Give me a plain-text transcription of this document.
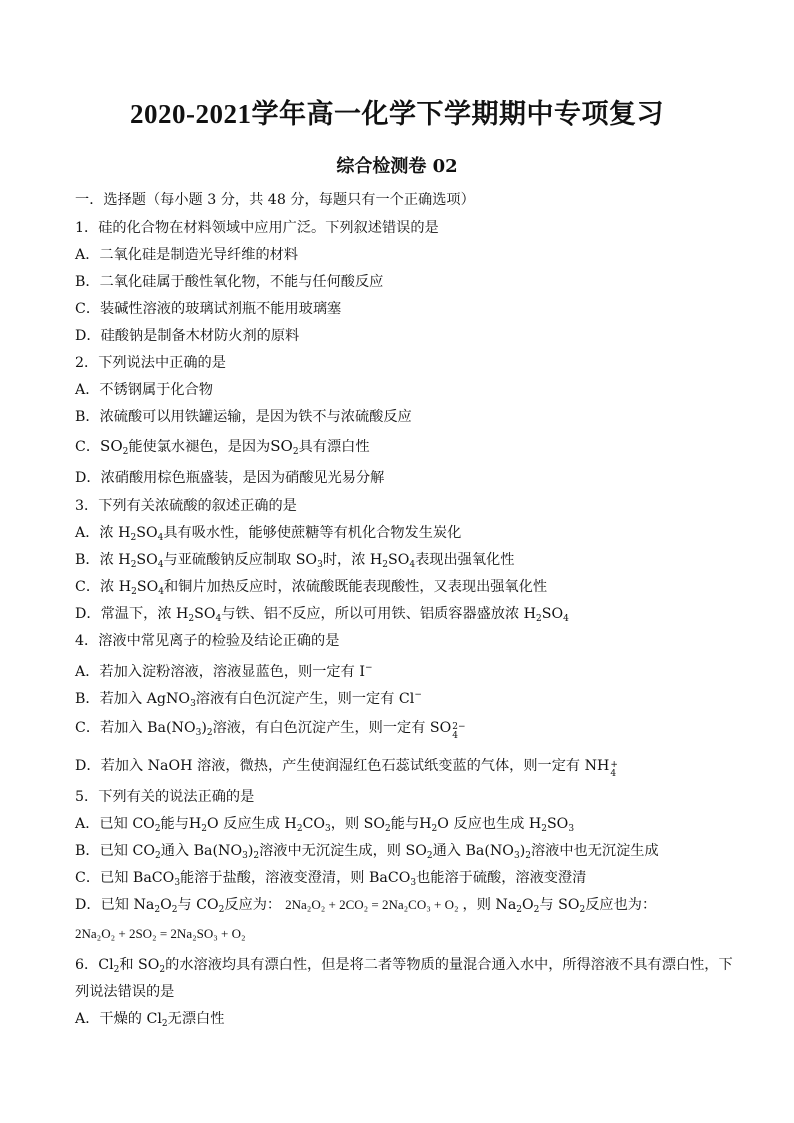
2020-2021学年高一化学下学期期中专项复习
综合检测卷 02
一．选择题（每小题 3 分，共 48 分，每题只有一个正确选项）
1．硅的化合物在材料领域中应用广泛。下列叙述错误的是
A．二氧化硅是制造光导纤维的材料
B．二氧化硅属于酸性氧化物，不能与任何酸反应
C．装碱性溶液的玻璃试剂瓶不能用玻璃塞
D．硅酸钠是制备木材防火剂的原料
2．下列说法中正确的是
A．不锈钢属于化合物
B．浓硫酸可以用铁罐运输，是因为铁不与浓硫酸反应
C．$SO_2$能使氯水褪色，是因为$SO_2$具有漂白性
D．浓硝酸用棕色瓶盛装，是因为硝酸见光易分解
3．下列有关浓硫酸的叙述正确的是
A．浓 $H_2SO_4$具有吸水性，能够使蔗糖等有机化合物发生炭化
B．浓 $H_2SO_4$与亚硫酸钠反应制取 $SO_3$时，浓 $H_2SO_4$表现出强氧化性
C．浓 $H_2SO_4$和铜片加热反应时，浓硫酸既能表现酸性，又表现出强氧化性
D．常温下，浓 $H_2SO_4$与铁、铝不反应，所以可用铁、铝质容器盛放浓 $H_2SO_4$
4．溶液中常见离子的检验及结论正确的是
A．若加入淀粉溶液，溶液显蓝色，则一定有 I−
B．若加入 AgNO$_3$溶液有白色沉淀产生，则一定有 Cl−
C．若加入 $Ba(NO_3)_2$溶液，有白色沉淀产生，则一定有 SO 2−
4
D．若加入 NaOH 溶液，微热，产生使润湿红色石蕊试纸变蓝的气体，则一定有 NH +
4
5．下列有关的说法正确的是
A．已知 $CO_2$能与$H_2O$ 反应生成 $H_2CO_3$，则 $SO_2$能与$H_2O$ 反应也生成 $H_2SO_3$
B．已知 $CO_2$通入 $Ba(NO_3)_2$溶液中无沉淀生成，则 $SO_2$通入 $Ba(NO_3)_2$溶液中也无沉淀生成
C．已知 BaCO$_3$能溶于盐酸，溶液变澄清，则 BaCO$_3$也能溶于硫酸，溶液变澄清
D．已知 $Na_2O_2$与 $CO_2$反应为： 2Na₂O₂ + 2CO₂ = 2Na₂CO₃ + O₂ ，则 $Na_2O_2$与 $SO_2$反应也为：
2Na₂O₂ + 2SO₂ = 2Na₂SO₃ + O₂
6．$Cl_2$和 $SO_2$的水溶液均具有漂白性，但是将二者等物质的量混合通入水中，所得溶液不具有漂白性，下
列说法错误的是
A．干燥的 $Cl_2$无漂白性
